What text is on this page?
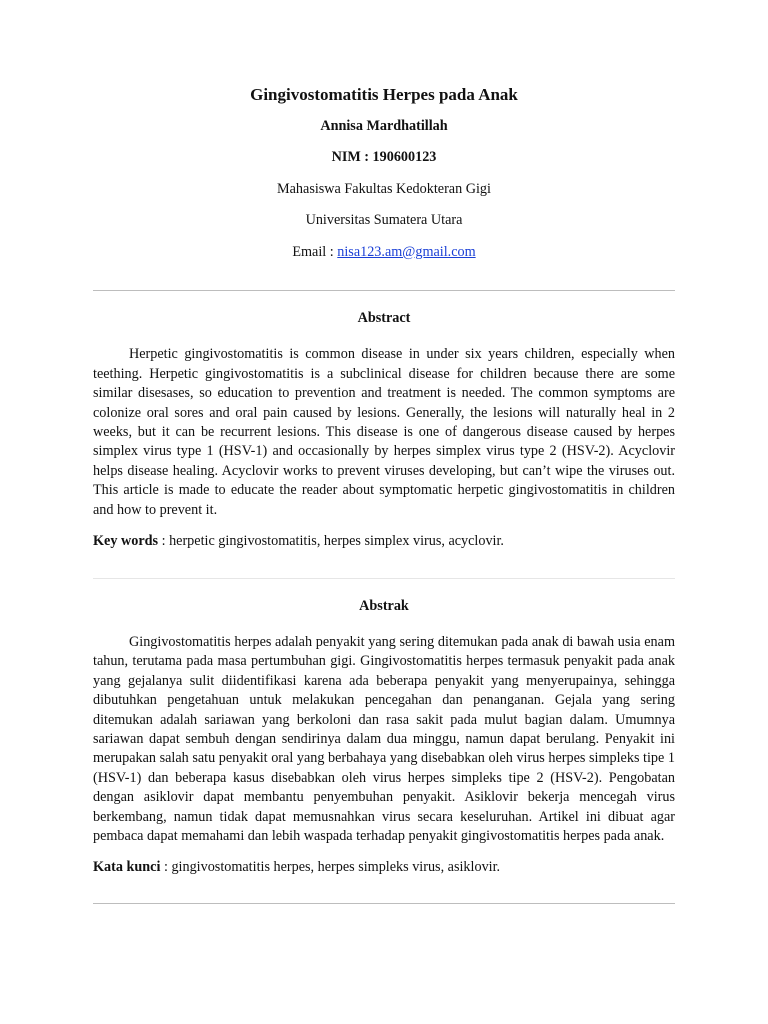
Gingivostomatitis Herpes pada Anak
Annisa Mardhatillah
NIM : 190600123
Mahasiswa Fakultas Kedokteran Gigi
Universitas Sumatera Utara
Email : nisa123.am@gmail.com
Abstract

Herpetic gingivostomatitis is common disease in under six years children, especially when teething. Herpetic gingivostomatitis is a subclinical disease for children because there are some similar disesases, so education to prevention and treatment is needed. The common symptoms are colonize oral sores and oral pain caused by lesions. Generally, the lesions will naturally heal in 2 weeks, but it can be recurrent lesions. This disease is one of dangerous disease caused by herpes simplex virus type 1 (HSV-1) and occasionally by herpes simplex virus type 2 (HSV-2). Acyclovir helps disease healing. Acyclovir works to prevent viruses developing, but can’t wipe the viruses out. This article is made to educate the reader about symptomatic herpetic gingivostomatitis in children and how to prevent it.

Key words : herpetic gingivostomatitis, herpes simplex virus, acyclovir.

Abstrak

Gingivostomatitis herpes adalah penyakit yang sering ditemukan pada anak di bawah usia enam tahun, terutama pada masa pertumbuhan gigi. Gingivostomatitis herpes termasuk penyakit pada anak yang gejalanya sulit diidentifikasi karena ada beberapa penyakit yang menyerupainya, sehingga dibutuhkan pengetahuan untuk melakukan pencegahan dan penanganan. Gejala yang sering ditemukan adalah sariawan yang berkoloni dan rasa sakit pada mulut bagian dalam. Umumnya sariawan dapat sembuh dengan sendirinya dalam dua minggu, namun dapat berulang. Penyakit ini merupakan salah satu penyakit oral yang berbahaya yang disebabkan oleh virus herpes simpleks tipe 1 (HSV-1) dan beberapa kasus disebabkan oleh virus herpes simpleks tipe 2 (HSV-2). Pengobatan dengan asiklovir dapat membantu penyembuhan penyakit. Asiklovir bekerja mencegah virus berkembang, namun tidak dapat memusnahkan virus secara keseluruhan. Artikel ini dibuat agar pembaca dapat memahami dan lebih waspada terhadap penyakit gingivostomatitis herpes pada anak.

Kata kunci : gingivostomatitis herpes, herpes simpleks virus, asiklovir.
